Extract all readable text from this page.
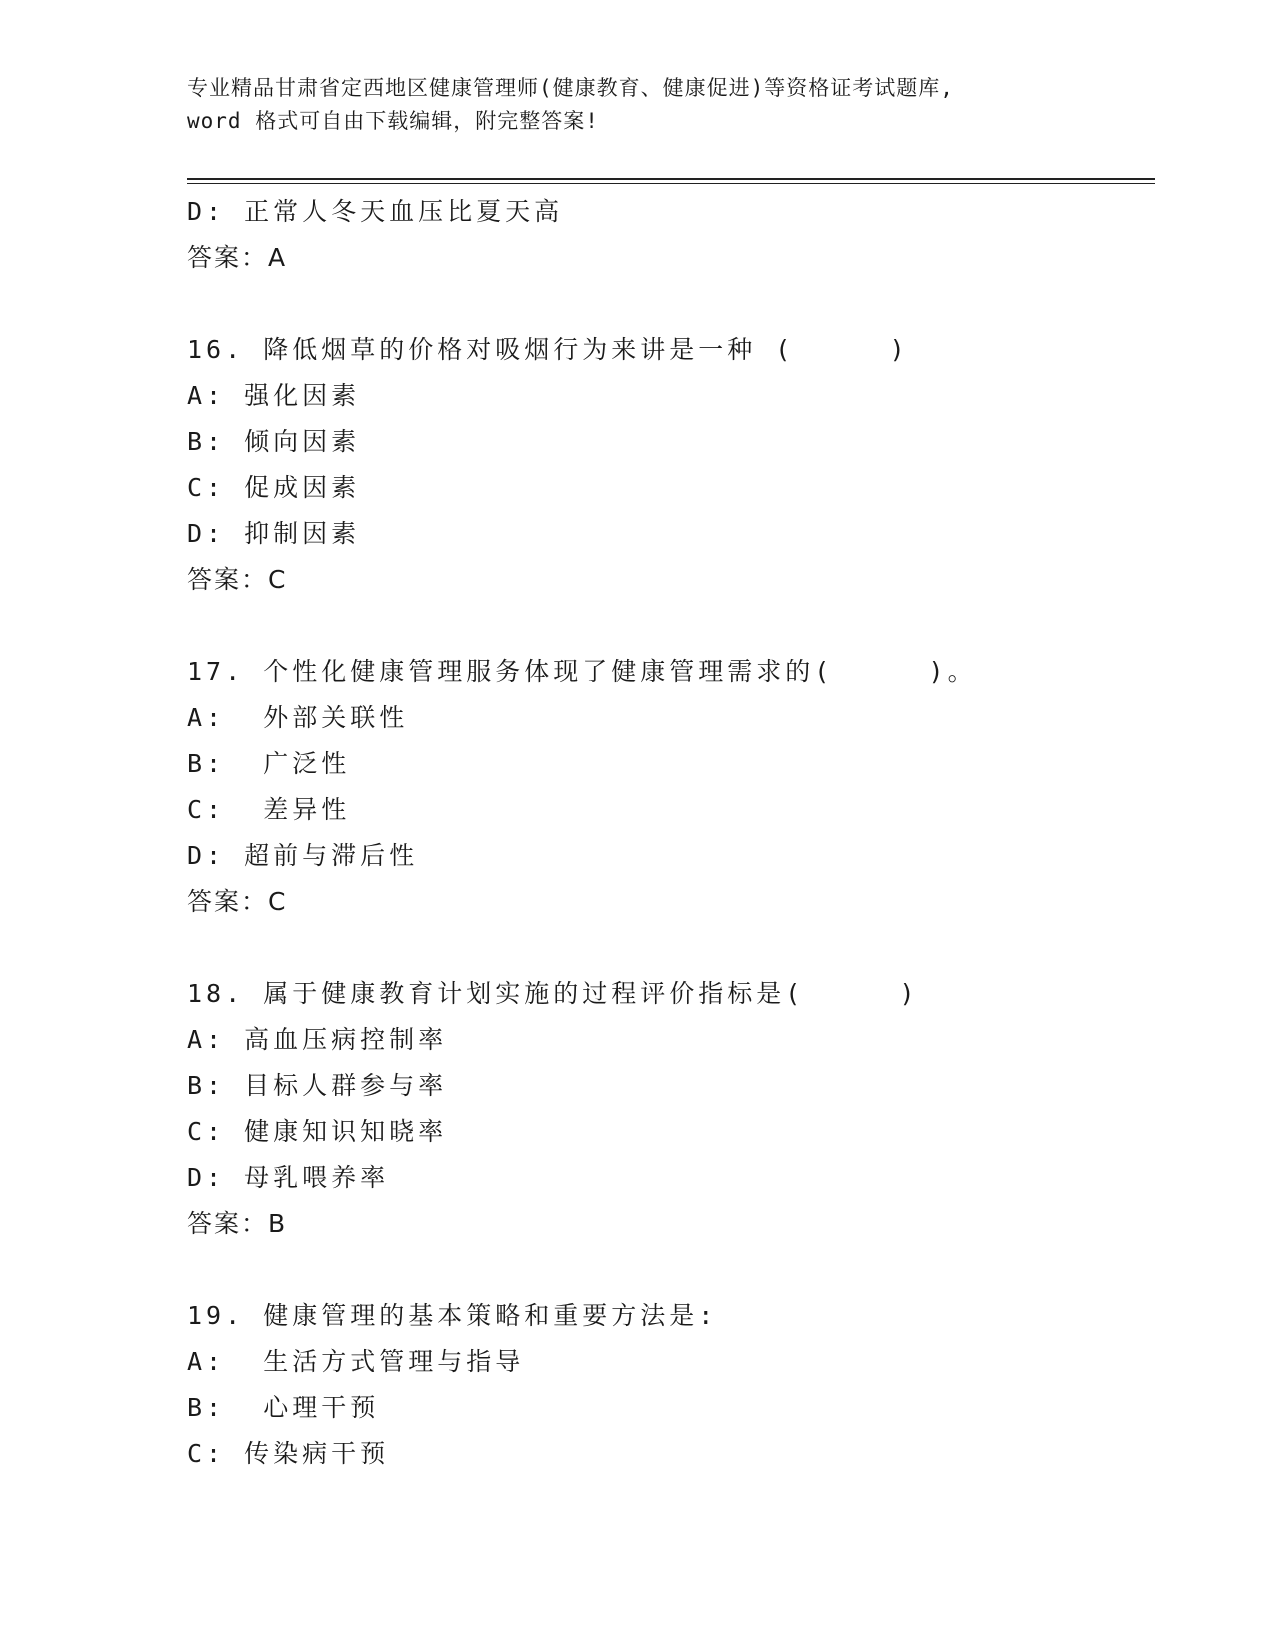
专业精品甘肃省定西地区健康管理师(健康教育、健康促进)等资格证考试题库,
word 格式可自由下载编辑，附完整答案!
D: 正常人冬天血压比夏天高
答案：A
16. 降低烟草的价格对吸烟行为来讲是一种 (     )
A: 强化因素
B: 倾向因素
C: 促成因素
D: 抑制因素
答案：C
17. 个性化健康管理服务体现了健康管理需求的(     )。
A:  外部关联性
B:  广泛性
C:  差异性
D: 超前与滞后性
答案：C
18. 属于健康教育计划实施的过程评价指标是(     )
A: 高血压病控制率
B: 目标人群参与率
C: 健康知识知晓率
D: 母乳喂养率
答案：B
19. 健康管理的基本策略和重要方法是:
A:  生活方式管理与指导
B:  心理干预
C: 传染病干预
